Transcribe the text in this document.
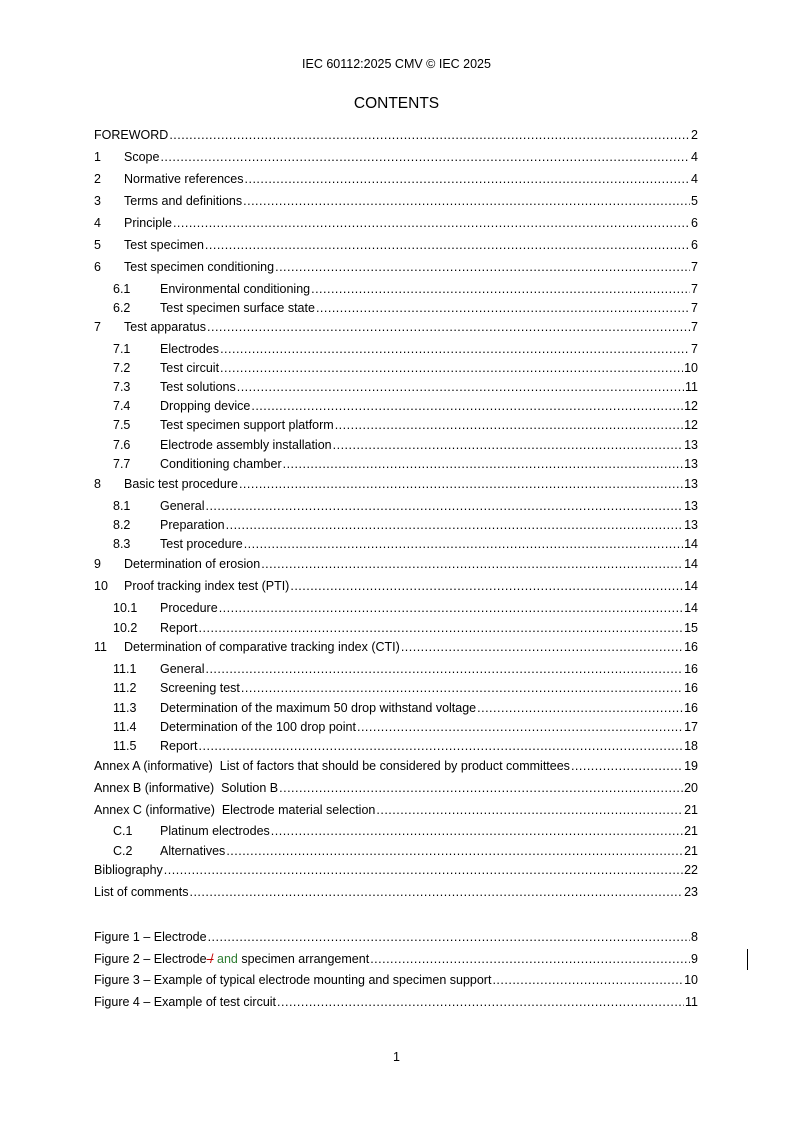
IEC 60112:2025 CMV © IEC 2025
CONTENTS
FOREWORD .....	2
1	Scope .....	4
2	Normative references .....	4
3	Terms and definitions .....	5
4	Principle .....	6
5	Test specimen .....	6
6	Test specimen conditioning .....	7
6.1	Environmental conditioning .....	7
6.2	Test specimen surface state .....	7
7	Test apparatus .....	7
7.1	Electrodes .....	7
7.2	Test circuit .....	10
7.3	Test solutions .....	11
7.4	Dropping device .....	12
7.5	Test specimen support platform .....	12
7.6	Electrode assembly installation .....	13
7.7	Conditioning chamber .....	13
8	Basic test procedure .....	13
8.1	General .....	13
8.2	Preparation .....	13
8.3	Test procedure .....	14
9	Determination of erosion .....	14
10	Proof tracking index test (PTI) .....	14
10.1	Procedure .....	14
10.2	Report .....	15
11	Determination of comparative tracking index (CTI) .....	16
11.1	General .....	16
11.2	Screening test .....	16
11.3	Determination of the maximum 50 drop withstand voltage .....	16
11.4	Determination of the 100 drop point .....	17
11.5	Report .....	18
Annex A (informative)  List of factors that should be considered by product committees .....	19
Annex B (informative)  Solution B .....	20
Annex C (informative)  Electrode material selection .....	21
C.1	Platinum electrodes .....	21
C.2	Alternatives .....	21
Bibliography .....	22
List of comments .....	23
Figure 1 – Electrode .....	8
Figure 2 – Electrode / and specimen arrangement .....	9
Figure 3 – Example of typical electrode mounting and specimen support .....	10
Figure 4 – Example of test circuit .....	11
1
